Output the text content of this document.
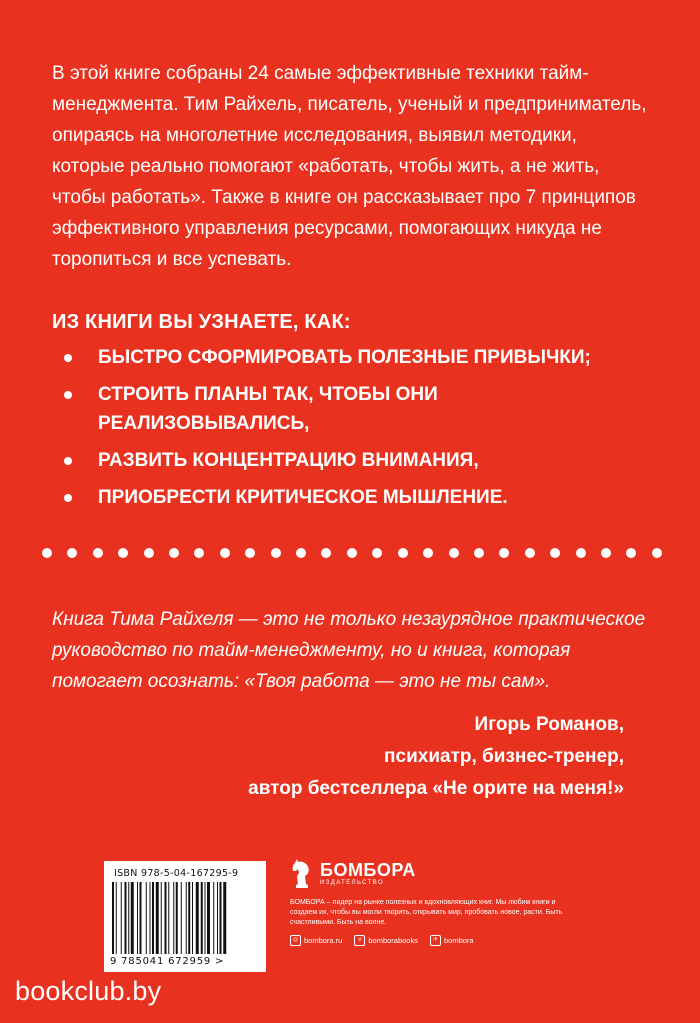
В этой книге собраны 24 самые эффективные техники тайм-менеджмента. Тим Райхель, писатель, ученый и предприниматель, опираясь на многолетние исследования, выявил методики, которые реально помогают «работать, чтобы жить, а не жить, чтобы работать». Также в книге он рассказывает про 7 принципов эффективного управления ресурсами, помогающих никуда не торопиться и все успевать.

ИЗ КНИГИ ВЫ УЗНАЕТЕ, КАК:
БЫСТРО СФОРМИРОВАТЬ ПОЛЕЗНЫЕ ПРИВЫЧКИ;
СТРОИТЬ ПЛАНЫ ТАК, ЧТОБЫ ОНИ РЕАЛИЗОВЫВАЛИСЬ,
РАЗВИТЬ КОНЦЕНТРАЦИЮ ВНИМАНИЯ,
ПРИОБРЕСТИ КРИТИЧЕСКОЕ МЫШЛЕНИЕ.

Книга Тима Райхеля — это не только незаурядное практическое руководство по тайм-менеджменту, но и книга, которая помогает осознать: «Твоя работа — это не ты сам».

Игорь Романов,
психиатр, бизнес-тренер,
автор бестселлера «Не орите на меня!»
ISBN 978-5-04-167295-9
9 785041 672959 >
БОМБОРА
ИЗДАТЕЛЬСТВО
БОМБОРА – лидер на рынке полезных и вдохновляющих книг. Мы любим книги и создаем их, чтобы вы могли творить, открывать мир, пробовать новое, расти. Быть счастливыми. Быть на волне.
◎ bombora.ru	v bomborabooks	✈ bombora
bookclub.by
